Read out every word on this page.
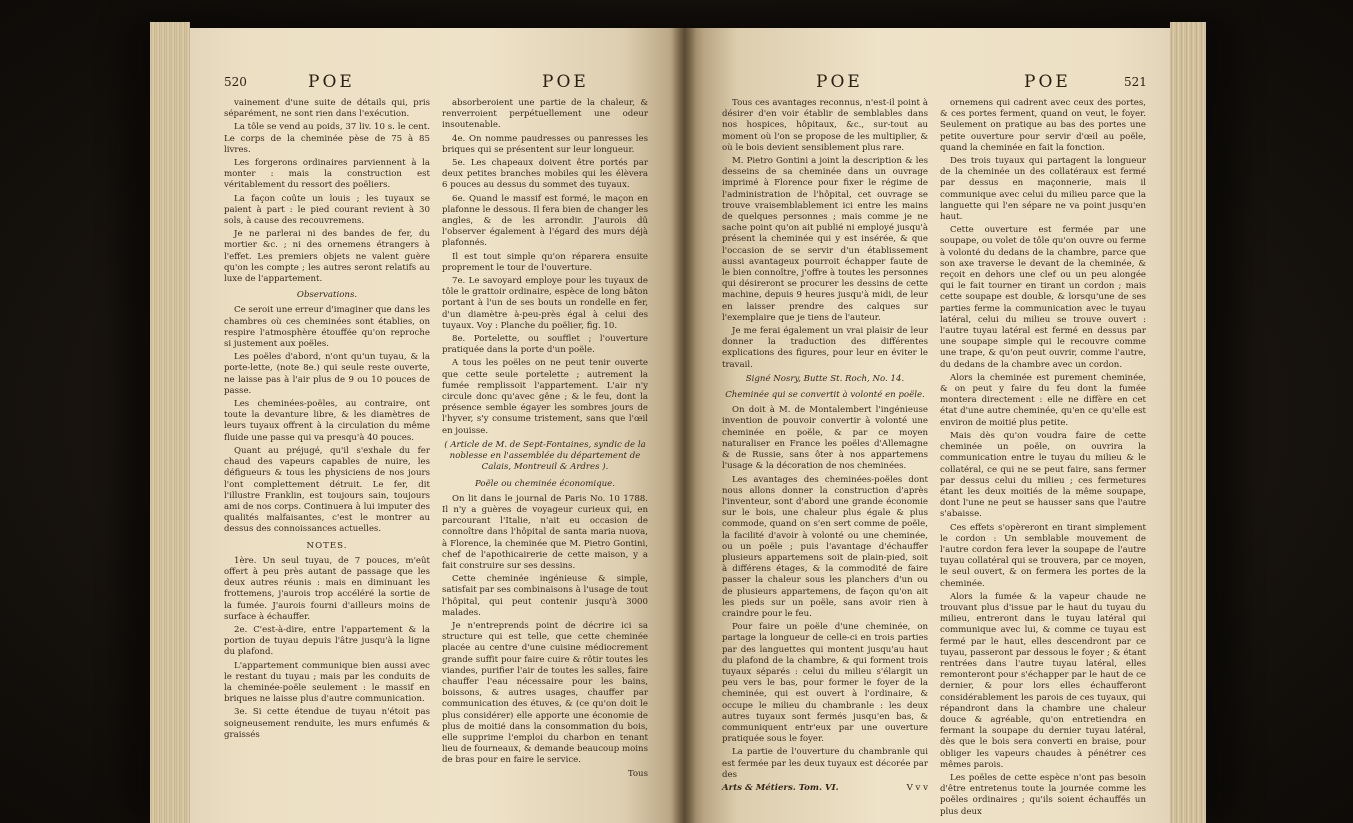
520	POE	POE

vainement d'une suite de détails qui, pris séparément, ne sont rien dans l'exécution.

La tôle se vend au poids, 37 liv. 10 s. le cent. Le corps de la cheminée pèse de 75 à 85 livres.

Les forgerons ordinaires parviennent à la monter : mais la construction est véritablement du ressort des poëliers.

La façon coûte un louis ; les tuyaux se paient à part : le pied courant revient à 30 sols, à cause des recouvremens.

Je ne parlerai ni des bandes de fer, du mortier &c. ; ni des ornemens étrangers à l'effet. Les premiers objets ne valent guère qu'on les compte ; les autres seront relatifs au luxe de l'appartement.

Observations.

Ce seroit une erreur d'imaginer que dans les chambres où ces cheminées sont établies, on respire l'atmosphère étouffée qu'on reproche si justement aux poëles.

Les poëles d'abord, n'ont qu'un tuyau, & la porte-lette, (note 8e.) qui seule reste ouverte, ne laisse pas à l'air plus de 9 ou 10 pouces de passe.

Les cheminées-poëles, au contraire, ont toute la devanture libre, & les diamètres de leurs tuyaux offrent à la circulation du même fluide une passe qui va presqu'à 40 pouces.

Quant au préjugé, qu'il s'exhale du fer chaud des vapeurs capables de nuire, les défigueurs & tous les physiciens de nos jours l'ont complettement détruit. Le fer, dit l'illustre Franklin, est toujours sain, toujours ami de nos corps. Continuera à lui imputer des qualités malfaisantes, c'est le montrer au dessus des connoissances actuelles.

NOTES.

1ère. Un seul tuyau, de 7 pouces, m'eût offert à peu près autant de passage que les deux autres réunis : mais en diminuant les frottemens, j'aurois trop accéléré la sortie de la fumée. J'aurois fourni d'ailleurs moins de surface à échauffer.

2e. C'est-à-dire, entre l'appartement & la portion de tuyau depuis l'âtre jusqu'à la ligne du plafond.

L'appartement communique bien aussi avec le restant du tuyau ; mais par les conduits de la cheminée-poële seulement : le massif en briques ne laisse plus d'autre communication.

3e. Si cette étendue de tuyau n'étoit pas soigneusement renduite, les murs enfumés & graissés

absorberoient une partie de la chaleur, & renverroient perpétuellement une odeur insoutenable.

4e. On nomme paudresses ou panresses les briques qui se présentent sur leur longueur.

5e. Les chapeaux doivent être portés par deux petites branches mobiles qui les élèvera 6 pouces au dessus du sommet des tuyaux.

6e. Quand le massif est formé, le maçon en plafonne le dessous. Il fera bien de changer les angles, & de les arrondir. J'aurois dû l'observer également à l'égard des murs déjà plafonnés.

Il est tout simple qu'on réparera ensuite proprement le tour de l'ouverture.

7e. Le savoyard employe pour les tuyaux de tôle le grattoir ordinaire, espèce de long bâton portant à l'un de ses bouts un rondelle en fer, d'un diamètre à-peu-près égal à celui des tuyaux. Voy : Planche du poëlier, fig. 10.

8e. Portelette, ou soufflet ; l'ouverture pratiquée dans la porte d'un poële.

A tous les poëles on ne peut tenir ouverte que cette seule portelette ; autrement la fumée remplissoit l'appartement. L'air n'y circule donc qu'avec gêne ; & le feu, dont la présence semble égayer les sombres jours de l'hyver, s'y consume tristement, sans que l'œil en jouisse.

( Article de M. de Sept-Fontaines, syndic de la noblesse en l'assemblée du département de Calais, Montreuil & Ardres ).

Poële ou cheminée économique.

On lit dans le journal de Paris No. 10 1788. Il n'y a guères de voyageur curieux qui, en parcourant l'Italie, n'ait eu occasion de connoître dans l'hôpital de santa maria nuova, à Florence, la cheminée que M. Pietro Gontini, chef de l'apothicairerie de cette maison, y a fait construire sur ses dessins.

Cette cheminée ingénieuse & simple, satisfait par ses combinaisons à l'usage de tout l'hôpital, qui peut contenir jusqu'à 3000 malades.

Je n'entreprends point de décrire ici sa structure qui est telle, que cette cheminée placée au centre d'une cuisine médiocrement grande suffit pour faire cuire & rôtir toutes les viandes, purifier l'air de toutes les salles, faire chauffer l'eau nécessaire pour les bains, boissons, & autres usages, chauffer par communication des étuves, & (ce qu'on doit le plus considérer) elle apporte une économie de plus de moitié dans la consommation du bois, elle supprime l'emploi du charbon en tenant lieu de fourneaux, & demande beaucoup moins de bras pour en faire le service.

Tous

POE	POE	521

Tous ces avantages reconnus, n'est-il point à désirer d'en voir établir de semblables dans nos hospices, hôpitaux, &c., sur-tout au moment où l'on se propose de les multiplier, & où le bois devient sensiblement plus rare.

M. Pietro Gontini a joint la description & les desseins de sa cheminée dans un ouvrage imprimé à Florence pour fixer le régime de l'administration de l'hôpital, cet ouvrage se trouve vraisemblablement ici entre les mains de quelques personnes ; mais comme je ne sache point qu'on ait publié ni employé jusqu'à présent la cheminée qui y est insérée, & que l'occasion de se servir d'un établissement aussi avantageux pourroit échapper faute de le bien connoître, j'offre à toutes les personnes qui désireront se procurer les dessins de cette machine, depuis 9 heures jusqu'à midi, de leur en laisser prendre des calques sur l'exemplaire que je tiens de l'auteur.

Je me ferai également un vrai plaisir de leur donner la traduction des différentes explications des figures, pour leur en éviter le travail.

Signé Nosry, Butte St. Roch, No. 14.

Cheminée qui se convertit à volonté en poële.

On doit à M. de Montalembert l'ingénieuse invention de pouvoir convertir à volonté une cheminée en poële, & par ce moyen naturaliser en France les poëles d'Allemagne & de Russie, sans ôter à nos appartemens l'usage & la décoration de nos cheminées.

Les avantages des cheminées-poëles dont nous allons donner la construction d'après l'inventeur, sont d'abord une grande économie sur le bois, une chaleur plus égale & plus commode, quand on s'en sert comme de poële, la facilité d'avoir à volonté ou une cheminée, ou un poële ; puis l'avantage d'échauffer plusieurs appartemens soit de plain-pied, soit à différens étages, & la commodité de faire passer la chaleur sous les planchers d'un ou de plusieurs appartemens, de façon qu'on ait les pieds sur un poële, sans avoir rien à craindre pour le feu.

Pour faire un poële d'une cheminée, on partage la longueur de celle-ci en trois parties par des languettes qui montent jusqu'au haut du plafond de la chambre, & qui forment trois tuyaux séparés : celui du milieu s'élargit un peu vers le bas, pour former le foyer de la cheminée, qui est ouvert à l'ordinaire, & occupe le milieu du chambranle : les deux autres tuyaux sont fermés jusqu'en bas, & communiquent entr'eux par une ouverture pratiquée sous le foyer.

La partie de l'ouverture du chambranle qui est fermée par les deux tuyaux est décorée par des

Arts & Métiers. Tom. VI.	V v v

ornemens qui cadrent avec ceux des portes, & ces portes ferment, quand on veut, le foyer. Seulement on pratique au bas des portes une petite ouverture pour servir d'œil au poële, quand la cheminée en fait la fonction.

Des trois tuyaux qui partagent la longueur de la cheminée un des collatéraux est fermé par dessus en maçonnerie, mais il communique avec celui du milieu parce que la languette qui l'en sépare ne va point jusqu'en haut.

Cette ouverture est fermée par une soupape, ou volet de tôle qu'on ouvre ou ferme à volonté du dedans de la chambre, parce que son axe traverse le devant de la cheminée, & reçoit en dehors une clef ou un peu alongée qui le fait tourner en tirant un cordon ; mais cette soupape est double, & lorsqu'une de ses parties ferme la communication avec le tuyau latéral, celui du milieu se trouve ouvert : l'autre tuyau latéral est fermé en dessus par une soupape simple qui le recouvre comme une trape, & qu'on peut ouvrir, comme l'autre, du dedans de la chambre avec un cordon.

Alors la cheminée est purement cheminée, & on peut y faire du feu dont la fumée montera directement : elle ne diffère en cet état d'une autre cheminée, qu'en ce qu'elle est environ de moitié plus petite.

Mais dès qu'on voudra faire de cette cheminée un poële, on ouvrira la communication entre le tuyau du milieu & le collatéral, ce qui ne se peut faire, sans fermer par dessus celui du milieu ; ces fermetures étant les deux moitiés de la même soupape, dont l'une ne peut se hausser sans que l'autre s'abaisse.

Ces effets s'opèreront en tirant simplement le cordon : Un semblable mouvement de l'autre cordon fera lever la soupape de l'autre tuyau collatéral qui se trouvera, par ce moyen, le seul ouvert, & on fermera les portes de la cheminée.

Alors la fumée & la vapeur chaude ne trouvant plus d'issue par le haut du tuyau du milieu, entreront dans le tuyau latéral qui communique avec lui, & comme ce tuyau est fermé par le haut, elles descendront par ce tuyau, passeront par dessous le foyer ; & étant rentrées dans l'autre tuyau latéral, elles remonteront pour s'échapper par le haut de ce dernier, & pour lors elles échaufferont considérablement les parois de ces tuyaux, qui répandront dans la chambre une chaleur douce & agréable, qu'on entretiendra en fermant la soupape du dernier tuyau latéral, dès que le bois sera converti en braise, pour obliger les vapeurs chaudes à pénétrer ces mêmes parois.

Les poëles de cette espèce n'ont pas besoin d'être entretenus toute la journée comme les poëles ordinaires ; qu'ils soient échauffés un plus deux
